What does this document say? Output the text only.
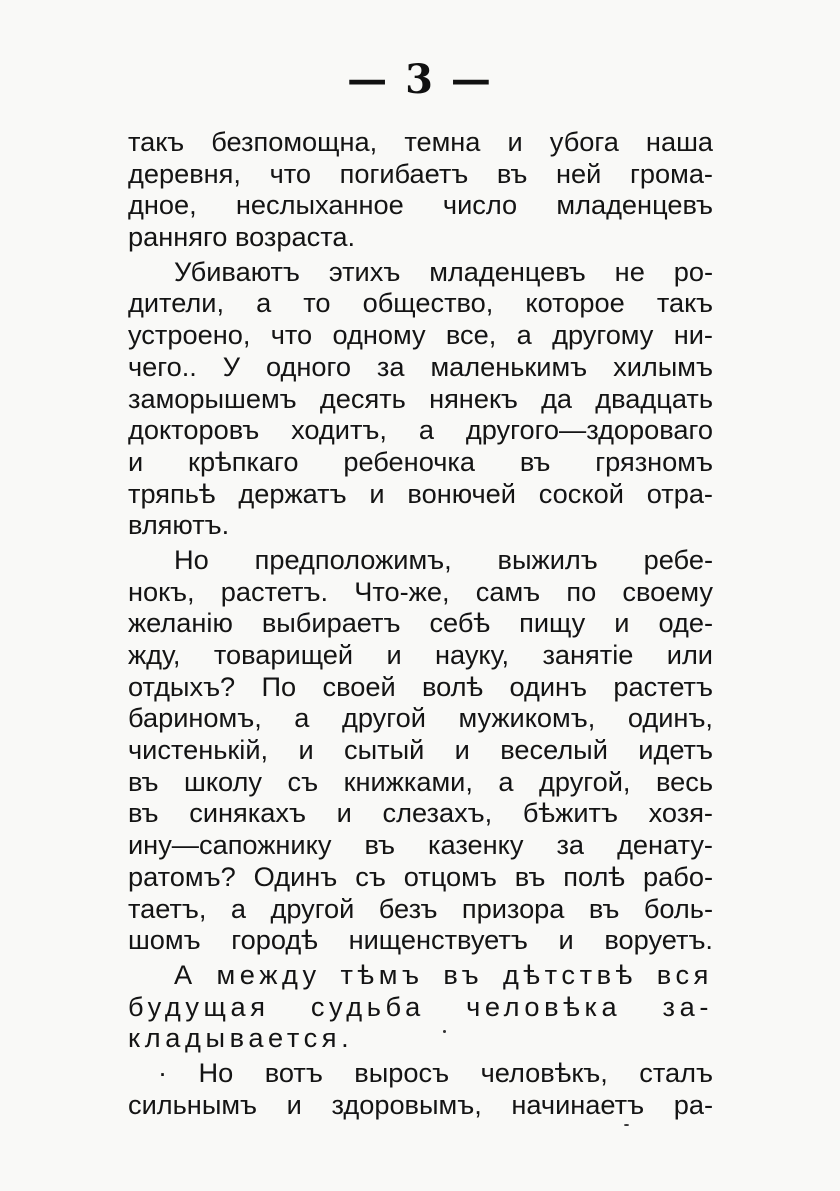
— 3 —
такъ безпомощна, темна и убога наша
деревня, что погибаетъ въ ней грома-
дное, неслыханное число младенцевъ
ранняго возраста.
Убиваютъ этихъ младенцевъ не ро-
дители, а то общество, которое такъ
устроено, что одному все, а другому ни-
чего.. У одного за маленькимъ хилымъ
заморышемъ десять нянекъ да двадцать
докторовъ ходитъ, а другого—здороваго
и крѣпкаго ребеночка въ грязномъ
тряпьѣ держатъ и вонючей соской отра-
вляютъ.
Но предположимъ, выжилъ ребе-
нокъ, растетъ. Что-же, самъ по своему
желанiю выбираетъ себѣ пищу и оде-
жду, товарищей и науку, занятiе или
отдыхъ? По своей волѣ одинъ растетъ
бариномъ, а другой мужикомъ, одинъ,
чистенькiй, и сытый и веселый идетъ
въ школу съ книжками, а другой, весь
въ синякахъ и слезахъ, бѣжитъ хозя-
ину—сапожнику въ казенку за денату-
ратомъ? Одинъ съ отцомъ въ полѣ рабо-
таетъ, а другой безъ призора въ боль-
шомъ городѣ нищенствуетъ и воруетъ.
А между тѣмъ въ дѣтствѣ вся
будущая судьба человѣка за-
кладывается.
· Но вотъ выросъ человѣкъ, сталъ
сильнымъ и здоровымъ, начинаетъ ра-
